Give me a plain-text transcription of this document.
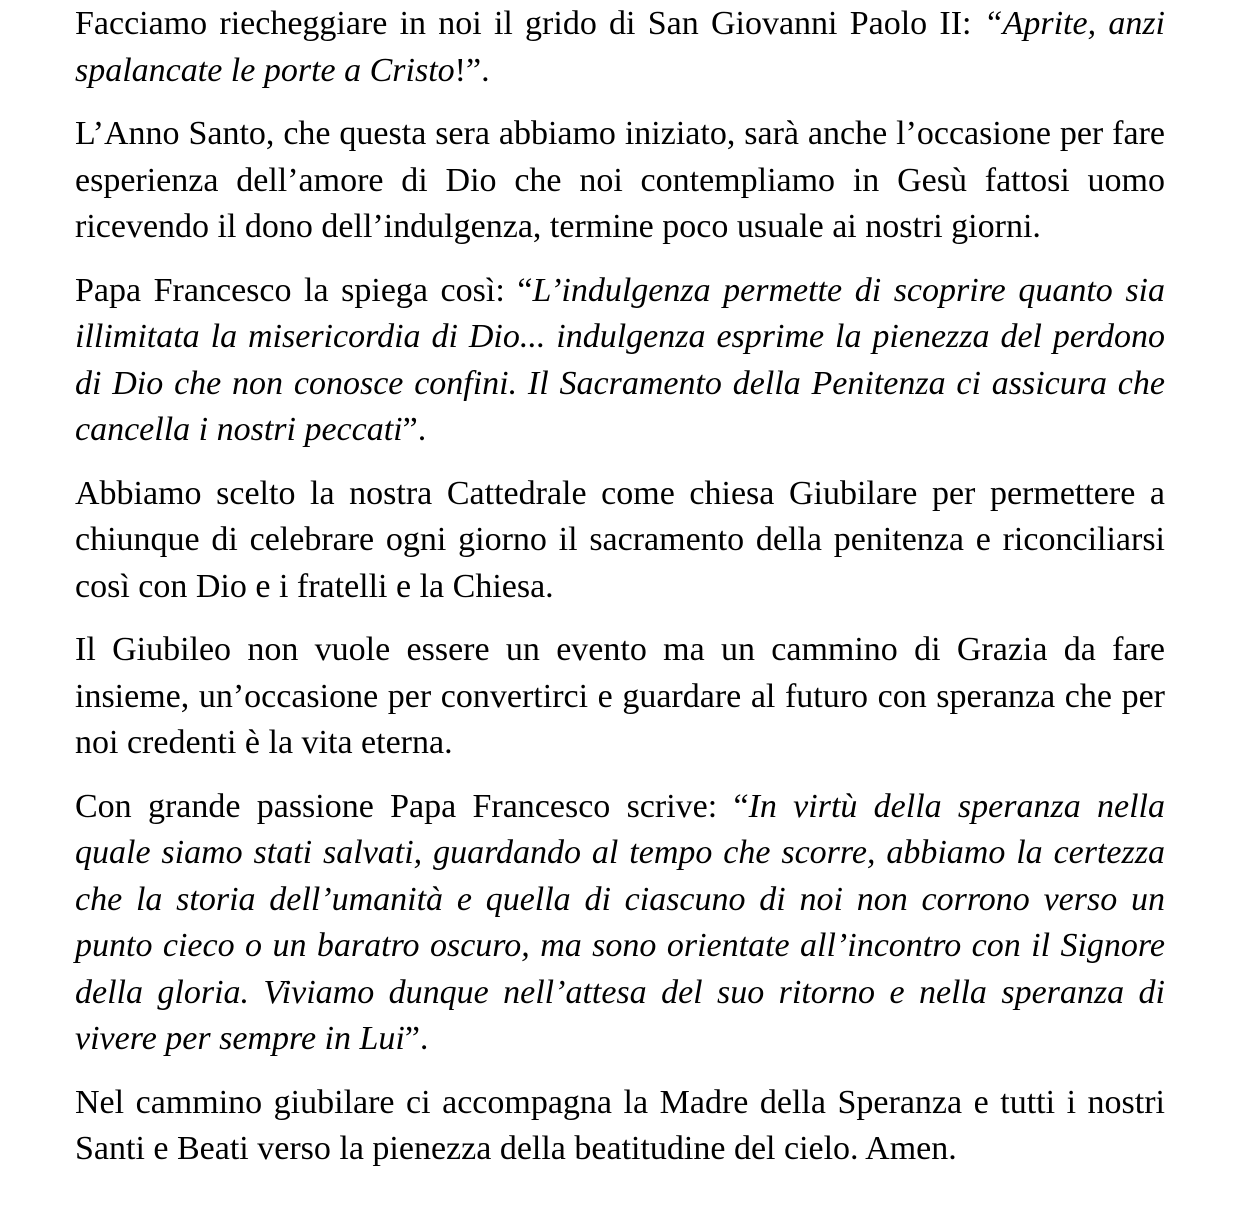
Facciamo riecheggiare in noi il grido di San Giovanni Paolo II: “Aprite, anzi spalancate le porte a Cristo!”.

L’Anno Santo, che questa sera abbiamo iniziato, sarà anche l’occasione per fare esperienza dell’amore di Dio che noi contempliamo in Gesù fattosi uomo ricevendo il dono dell’indulgenza, termine poco usuale ai nostri giorni.

Papa Francesco la spiega così: “L’indulgenza permette di scoprire quanto sia illimitata la misericordia di Dio... indulgenza esprime la pienezza del perdono di Dio che non conosce confini. Il Sacramento della Penitenza ci assicura che cancella i nostri peccati”.

Abbiamo scelto la nostra Cattedrale come chiesa Giubilare per permettere a chiunque di celebrare ogni giorno il sacramento della penitenza e riconciliarsi così con Dio e i fratelli e la Chiesa.

Il Giubileo non vuole essere un evento ma un cammino di Grazia da fare insieme, un’occasione per convertirci e guardare al futuro con speranza che per noi credenti è la vita eterna.

Con grande passione Papa Francesco scrive: “In virtù della speranza nella quale siamo stati salvati, guardando al tempo che scorre, abbiamo la certezza che la storia dell’umanità e quella di ciascuno di noi non corrono verso un punto cieco o un baratro oscuro, ma sono orientate all’incontro con il Signore della gloria. Viviamo dunque nell’attesa del suo ritorno e nella speranza di vivere per sempre in Lui”.

Nel cammino giubilare ci accompagna la Madre della Speranza e tutti i nostri Santi e Beati verso la pienezza della beatitudine del cielo. Amen.
